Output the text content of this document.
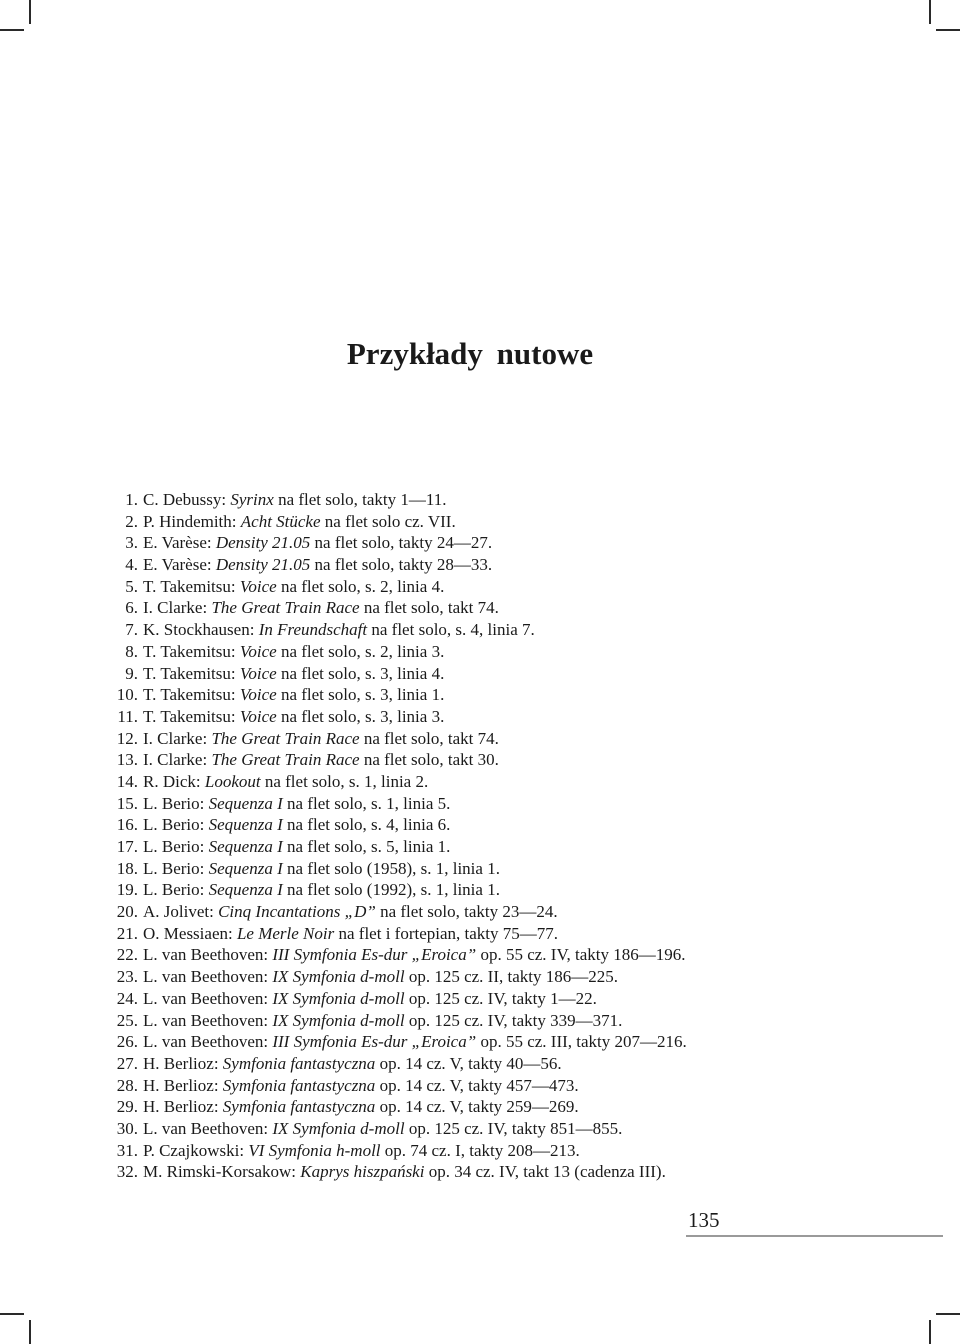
Przykłady nutowe
1. C. Debussy: Syrinx na flet solo, takty 1—11.
2. P. Hindemith: Acht Stücke na flet solo cz. VII.
3. E. Varèse: Density 21.05 na flet solo, takty 24—27.
4. E. Varèse: Density 21.05 na flet solo, takty 28—33.
5. T. Takemitsu: Voice na flet solo, s. 2, linia 4.
6. I. Clarke: The Great Train Race na flet solo, takt 74.
7. K. Stockhausen: In Freundschaft na flet solo, s. 4, linia 7.
8. T. Takemitsu: Voice na flet solo, s. 2, linia 3.
9. T. Takemitsu: Voice na flet solo, s. 3, linia 4.
10. T. Takemitsu: Voice na flet solo, s. 3, linia 1.
11. T. Takemitsu: Voice na flet solo, s. 3, linia 3.
12. I. Clarke: The Great Train Race na flet solo, takt 74.
13. I. Clarke: The Great Train Race na flet solo, takt 30.
14. R. Dick: Lookout na flet solo, s. 1, linia 2.
15. L. Berio: Sequenza I na flet solo, s. 1, linia 5.
16. L. Berio: Sequenza I na flet solo, s. 4, linia 6.
17. L. Berio: Sequenza I na flet solo, s. 5, linia 1.
18. L. Berio: Sequenza I na flet solo (1958), s. 1, linia 1.
19. L. Berio: Sequenza I na flet solo (1992), s. 1, linia 1.
20. A. Jolivet: Cinq Incantations „D” na flet solo, takty 23—24.
21. O. Messiaen: Le Merle Noir na flet i fortepian, takty 75—77.
22. L. van Beethoven: III Symfonia Es-dur „Eroica” op. 55 cz. IV, takty 186—196.
23. L. van Beethoven: IX Symfonia d-moll op. 125 cz. II, takty 186—225.
24. L. van Beethoven: IX Symfonia d-moll op. 125 cz. IV, takty 1—22.
25. L. van Beethoven: IX Symfonia d-moll op. 125 cz. IV, takty 339—371.
26. L. van Beethoven: III Symfonia Es-dur „Eroica” op. 55 cz. III, takty 207—216.
27. H. Berlioz: Symfonia fantastyczna op. 14 cz. V, takty 40—56.
28. H. Berlioz: Symfonia fantastyczna op. 14 cz. V, takty 457—473.
29. H. Berlioz: Symfonia fantastyczna op. 14 cz. V, takty 259—269.
30. L. van Beethoven: IX Symfonia d-moll op. 125 cz. IV, takty 851—855.
31. P. Czajkowski: VI Symfonia h-moll op. 74 cz. I, takty 208—213.
32. M. Rimski-Korsakow: Kaprys hiszpański op. 34 cz. IV, takt 13 (cadenza III).
135
